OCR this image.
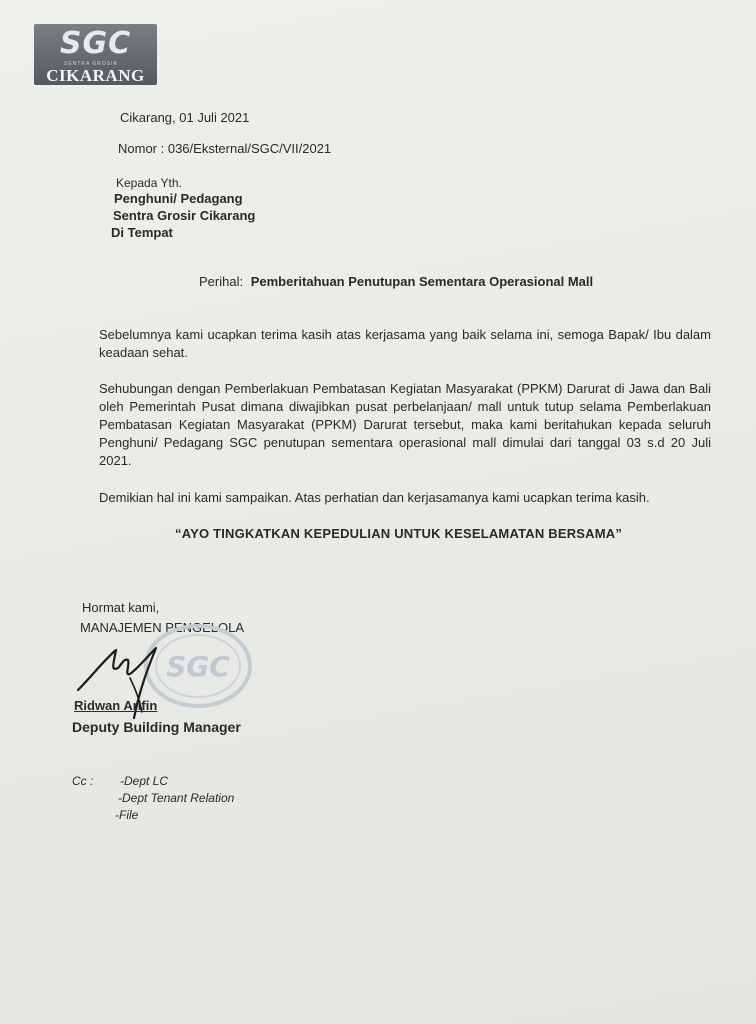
SGC
SENTRA GROSIR
CIKARANG
Cikarang, 01 Juli 2021
Nomor : 036/Eksternal/SGC/VII/2021
Kepada Yth.
Penghuni/ Pedagang
Sentra Grosir Cikarang
Di Tempat
Perihal: Pemberitahuan Penutupan Sementara Operasional Mall

Sebelumnya kami ucapkan terima kasih atas kerjasama yang baik selama ini, semoga Bapak/ Ibu dalam keadaan sehat.

Sehubungan dengan Pemberlakuan Pembatasan Kegiatan Masyarakat (PPKM) Darurat di Jawa dan Bali oleh Pemerintah Pusat dimana diwajibkan pusat perbelanjaan/ mall untuk tutup selama Pemberlakuan Pembatasan Kegiatan Masyarakat (PPKM) Darurat tersebut, maka kami beritahukan kepada seluruh Penghuni/ Pedagang SGC penutupan sementara operasional mall dimulai dari tanggal 03 s.d 20 Juli 2021.

Demikian hal ini kami sampaikan. Atas perhatian dan kerjasamanya kami ucapkan terima kasih.

“AYO TINGKATKAN KEPEDULIAN UNTUK KESELAMATAN BERSAMA”
Hormat kami,
MANAJEMEN PENGELOLA
SGC
Ridwan Arifin
Deputy Building Manager
Cc : -Dept LC
-Dept Tenant Relation
-File
